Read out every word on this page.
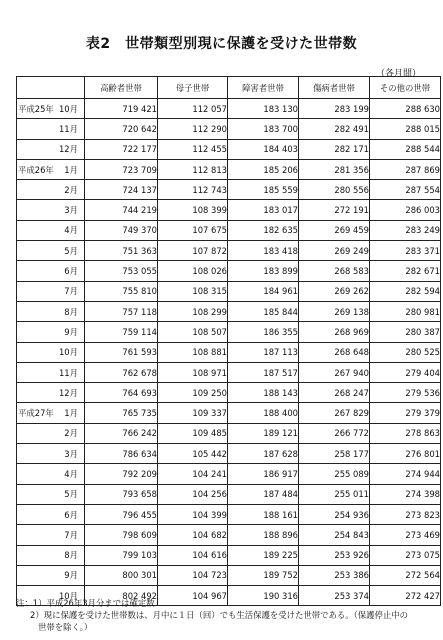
表2　世帯類型別現に保護を受けた世帯数
（各月間）
	高齢者世帯	母子世帯	障害者世帯	傷病者世帯	その他の世帯

平成25年 10月	719 421	112 057	183 130	283 199	288 630

11月	720 642	112 290	183 700	282 491	288 015

12月	722 177	112 455	184 403	282 171	288 544

平成26年 1月	723 709	112 813	185 206	281 356	287 869

2月	724 137	112 743	185 559	280 556	287 554

3月	744 219	108 399	183 017	272 191	286 003

4月	749 370	107 675	182 635	269 459	283 249

5月	751 363	107 872	183 418	269 249	283 371

6月	753 055	108 026	183 899	268 583	282 671

7月	755 810	108 315	184 961	269 262	282 594

8月	757 118	108 299	185 844	269 138	280 981

9月	759 114	108 507	186 355	268 969	280 387

10月	761 593	108 881	187 113	268 648	280 525

11月	762 678	108 971	187 517	267 940	279 404

12月	764 693	109 250	188 143	268 247	279 536

平成27年 1月	765 735	109 337	188 400	267 829	279 379

2月	766 242	109 485	189 121	266 772	278 863

3月	786 634	105 442	187 628	258 177	276 801

4月	792 209	104 241	186 917	255 089	274 944

5月	793 658	104 256	187 484	255 011	274 398

6月	796 455	104 399	188 161	254 936	273 823

7月	798 609	104 682	188 896	254 843	273 469

8月	799 103	104 616	189 225	253 926	273 075

9月	800 301	104 723	189 752	253 386	272 564

10月	802 492	104 967	190 316	253 374	272 427
注：1）平成26年3月分までは確定数
2）現に保護を受けた世帯数は、月中に１日（回）でも生活保護を受けた世帯である。（保護停止中の
世帯を除く。）
